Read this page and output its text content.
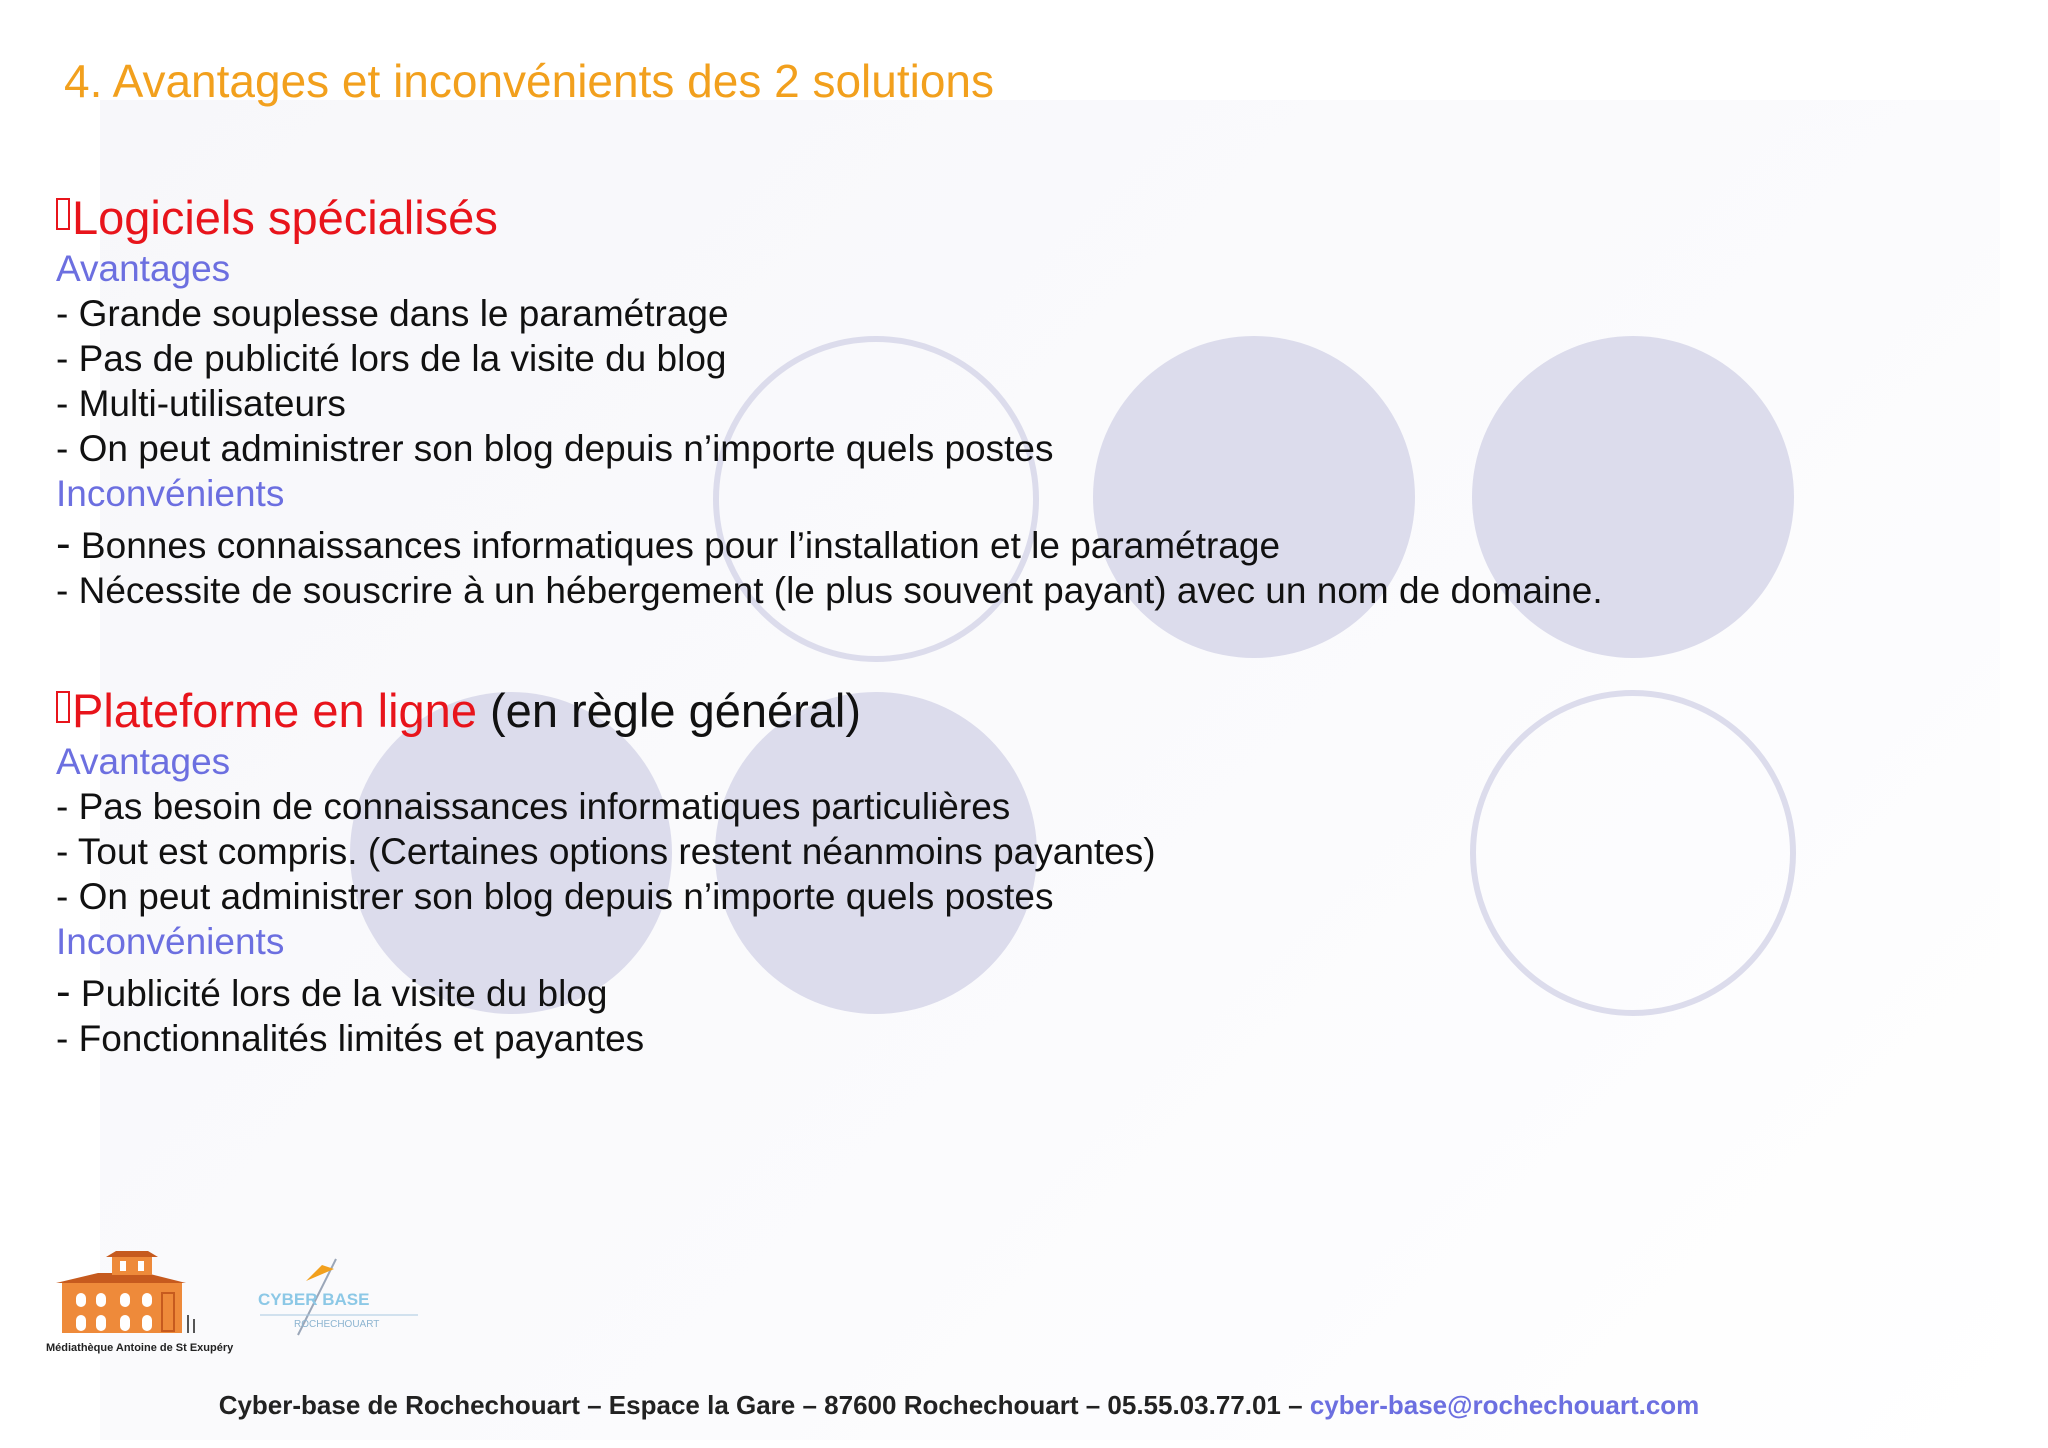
4. Avantages et inconvénients des 2 solutions
Logiciels spécialisés
Avantages
- Grande souplesse dans le paramétrage
- Pas de publicité lors de la visite du blog
- Multi-utilisateurs
- On peut administrer son blog depuis n’importe quels postes
Inconvénients
- Bonnes connaissances informatiques pour l’installation et le paramétrage
- Nécessite de souscrire à un hébergement (le plus souvent payant) avec un nom de domaine.
Plateforme en ligne (en règle général)
Avantages
- Pas besoin de connaissances informatiques particulières
- Tout est compris. (Certaines options restent néanmoins payantes)
- On peut administrer son blog depuis n’importe quels postes
Inconvénients
- Publicité lors de la visite du blog
- Fonctionnalités limités et payantes
Médiathèque Antoine de St Exupéry
CYBER BASE
ROCHECHOUART
Cyber-base de Rochechouart – Espace la Gare – 87600 Rochechouart – 05.55.03.77.01 – cyber-base@rochechouart.com
